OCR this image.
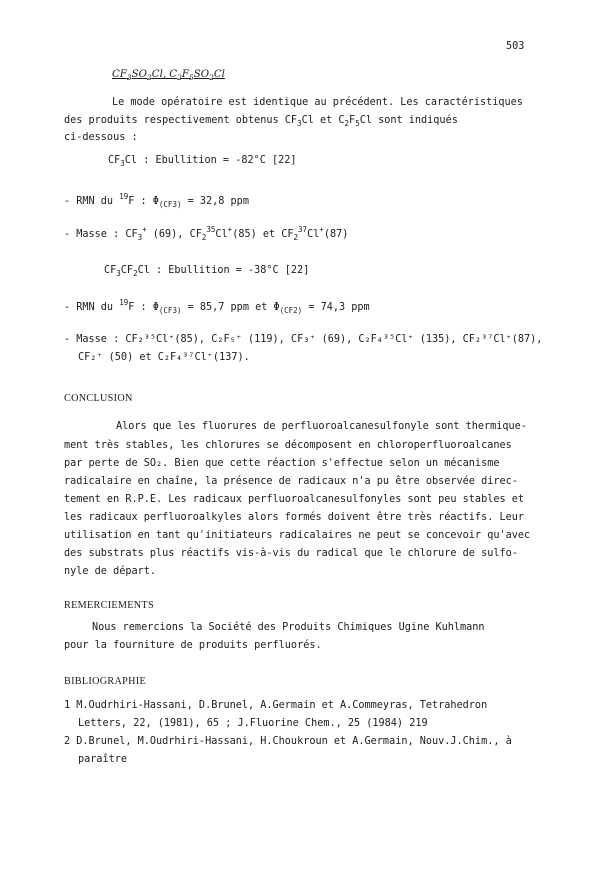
503
$CF_3SO_2Cl$, $C_2F_5SO_2Cl$
Le mode opératoire est identique au précédent. Les caractéristiques
des produits respectivement obtenus $CF_3Cl$ et $C_2F_5Cl$ sont indiqués
ci-dessous :
$CF_3Cl$ : Ebullition = -82°C [22]
- RMN du $^{19}$F : $\Phi_{(CF3)} = 32,8$ ppm
- Masse : $CF_3^+$ (69), $CF_2^{35}Cl^+(85)$ et $CF_2^{37}Cl^+(87)$
$CF_3CF_2Cl$ : Ebullition = -38°C [22]
- RMN du $^{19}$F : $\Phi_{(CF3)} = 85,7$ ppm et $\Phi_{(CF2)} = 74,3$ ppm
- Masse : CF₂³⁵Cl⁺(85), C₂F₅⁺ (119), CF₃⁺ (69), C₂F₄³⁵Cl⁺ (135), CF₂³⁷Cl⁺(87),
CF₂⁺ (50) et C₂F₄³⁷Cl⁺(137).
CONCLUSION
Alors que les fluorures de perfluoroalcanesulfonyle sont thermique-
ment très stables, les chlorures se décomposent en chloroperfluoroalcanes
par perte de SO₂. Bien que cette réaction s'effectue selon un mécanisme
radicalaire en chaîne, la présence de radicaux n'a pu être observée direc-
tement en R.P.E. Les radicaux perfluoroalcanesulfonyles sont peu stables et
les radicaux perfluoroalkyles alors formés doivent être très réactifs. Leur
utilisation en tant qu'initiateurs radicalaires ne peut se concevoir qu'avec
des substrats plus réactifs vis-à-vis du radical que le chlorure de sulfo-
nyle de départ.
REMERCIEMENTS
Nous remercions la Société des Produits Chimiques Ugine Kuhlmann
pour la fourniture de produits perfluorés.
BIBLIOGRAPHIE
1 M.Oudrhiri-Hassani, D.Brunel, A.Germain et A.Commeyras, Tetrahedron
Letters, 22, (1981), 65 ; J.Fluorine Chem., 25 (1984) 219
2 D.Brunel, M.Oudrhiri-Hassani, H.Choukroun et A.Germain, Nouv.J.Chim., à
paraître
